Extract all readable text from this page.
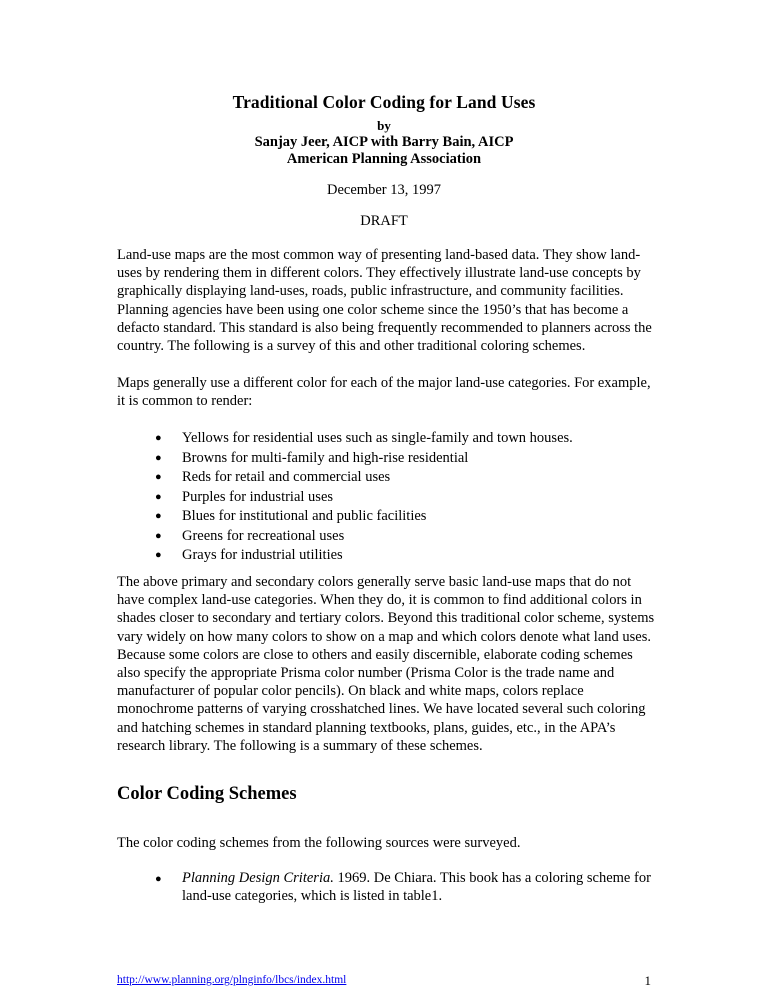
Traditional Color Coding for Land Uses
by
Sanjay Jeer, AICP with Barry Bain, AICP
American Planning Association
December 13, 1997
DRAFT
Land-use maps are the most common way of presenting land-based data. They show land-uses by rendering them in different colors. They effectively illustrate land-use concepts by graphically displaying land-uses, roads, public infrastructure, and community facilities. Planning agencies have been using one color scheme since the 1950’s that has become a defacto standard. This standard is also being frequently recommended to planners across the country. The following is a survey of this and other traditional coloring schemes.
Maps generally use a different color for each of the major land-use categories. For example, it is common to render:
● Yellows for residential uses such as single-family and town houses.
● Browns for multi-family and high-rise residential
● Reds for retail and commercial uses
● Purples for industrial uses
● Blues for institutional and public facilities
● Greens for recreational uses
● Grays for industrial utilities
The above primary and secondary colors generally serve basic land-use maps that do not have complex land-use categories. When they do, it is common to find additional colors in shades closer to secondary and tertiary colors. Beyond this traditional color scheme, systems vary widely on how many colors to show on a map and which colors denote what land uses. Because some colors are close to others and easily discernible, elaborate coding schemes also specify the appropriate Prisma color number (Prisma Color is the trade name and manufacturer of popular color pencils). On black and white maps, colors replace monochrome patterns of varying crosshatched lines. We have located several such coloring and hatching schemes in standard planning textbooks, plans, guides, etc., in the APA’s research library. The following is a summary of these schemes.
Color Coding Schemes
The color coding schemes from the following sources were surveyed.
● Planning Design Criteria. 1969. De Chiara. This book has a coloring scheme for land-use categories, which is listed in table1.
http://www.planning.org/plnginfo/lbcs/index.html	1
